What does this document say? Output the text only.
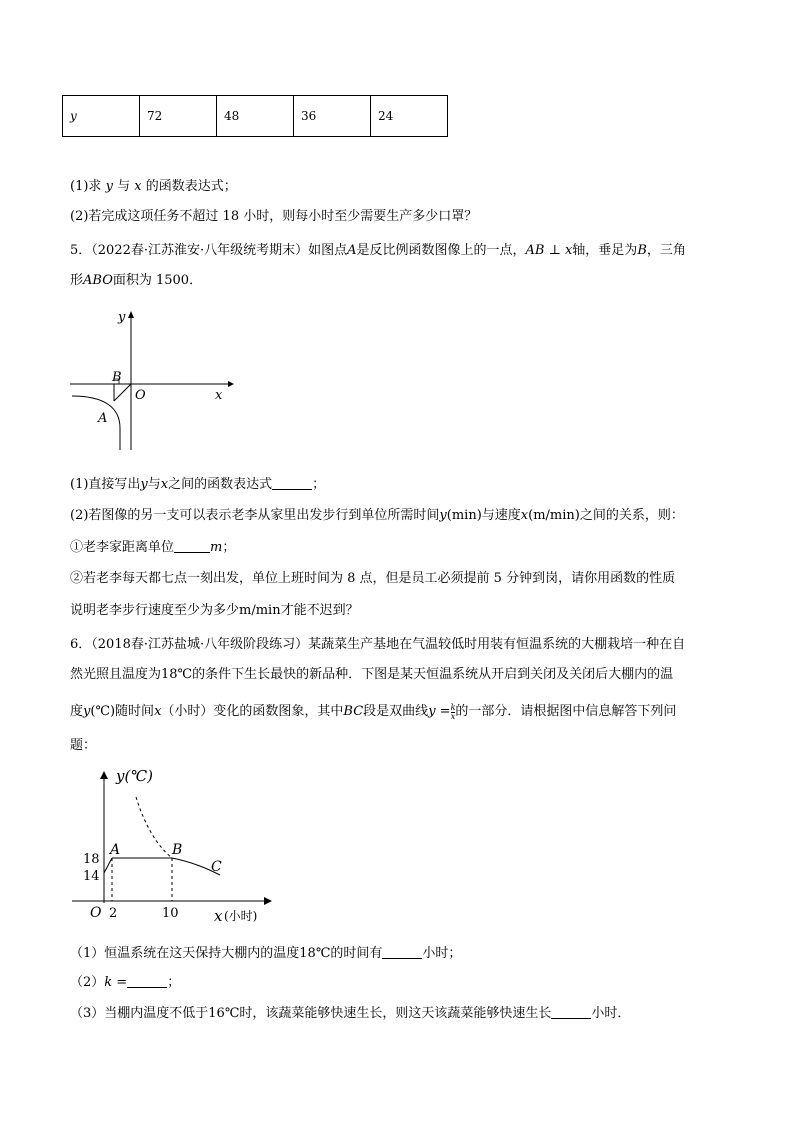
y	72	48	36	24
(1)求 y 与 x 的函数表达式；
(2)若完成这项任务不超过 18 小时，则每小时至少需要生产多少口罩？
5．（2022春·江苏淮安·八年级统考期末）如图点A是反比例函数图像上的一点，AB ⊥ x轴，垂足为B，三角
形ABO面积为 1500．
y
x
O
B
A
(1)直接写出y与x之间的函数表达式	；
(2)若图像的另一支可以表示老李从家里出发步行到单位所需时间y(min)与速度x(m/min)之间的关系，则：
①老李家距离单位	m；
②若老李每天都七点一刻出发，单位上班时间为 8 点，但是员工必须提前 5 分钟到岗，请你用函数的性质
说明老李步行速度至少为多少m/min才能不迟到？
6．（2018春·江苏盐城·八年级阶段练习）某蔬菜生产基地在气温较低时用装有恒温系统的大棚栽培一种在自
然光照且温度为18℃的条件下生长最快的新品种．下图是某天恒温系统从开启到关闭及关闭后大棚内的温
度y(℃)随时间x（小时）变化的函数图象，其中BC段是双曲线$y = \frac{k}{x}$ 的一部分．请根据图中信息解答下列问
题：
y(℃)
18
14
O 2	10
A	B
C
x (小时)
（1）恒温系统在这天保持大棚内的温度18℃的时间有	小时；
（2）k =	；
（3）当棚内温度不低于16℃时，该蔬菜能够快速生长，则这天该蔬菜能够快速生长	小时．
